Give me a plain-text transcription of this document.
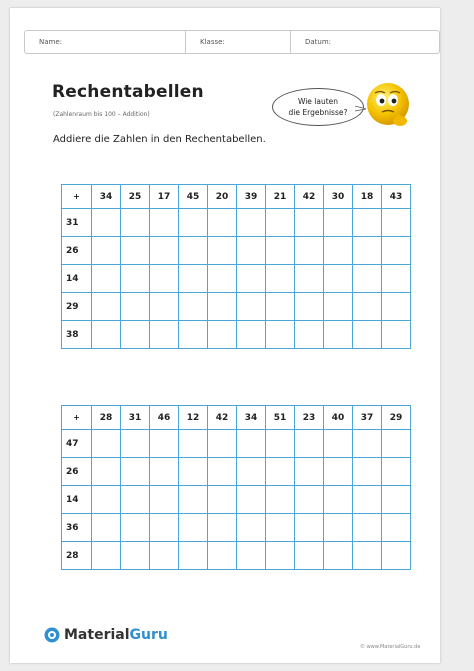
Name:	Klasse:	Datum:
Rechentabellen
(Zahlenraum bis 100 – Addition)
Addiere die Zahlen in den Rechentabellen.
Wie lauten
die Ergebnisse?
+	34	25	17	45	20	39	21	42	30	18	43
31											
26											
14											
29											
38											
+	28	31	46	12	42	34	51	23	40	37	29
47											
26											
14											
36											
28											
MaterialGuru
© www.MaterialGuru.de
